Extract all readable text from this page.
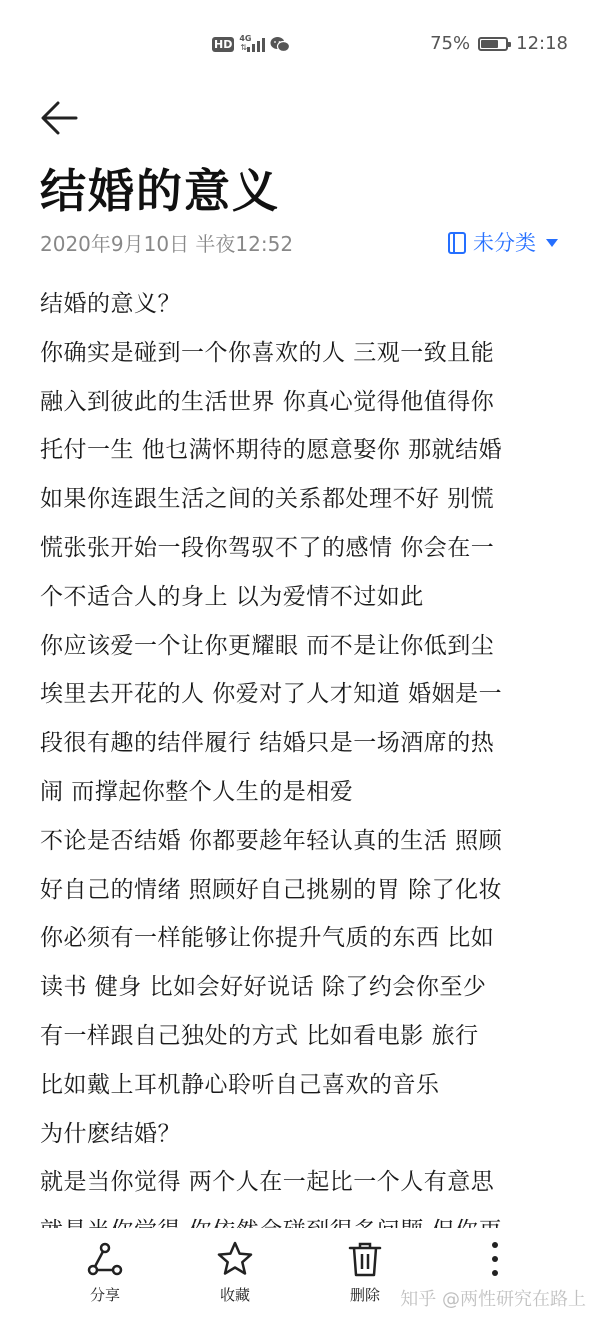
HD 4G
⇅	75%	12:18
结婚的意义
2020年9月10日 半夜12:52	未分类

结婚的意义？

你确实是碰到一个你喜欢的人 三观一致且能

融入到彼此的生活世界 你真心觉得他值得你

托付一生 他乜满怀期待的愿意娶你 那就结婚

如果你连跟生活之间的关系都处理不好 别慌

慌张张开始一段你驾驭不了的感情 你会在一

个不适合人的身上 以为爱情不过如此

你应该爱一个让你更耀眼 而不是让你低到尘

埃里去开花的人 你爱对了人才知道 婚姻是一

段很有趣的结伴履行 结婚只是一场酒席的热

闹 而撑起你整个人生的是相爱

不论是否结婚 你都要趁年轻认真的生活 照顾

好自己的情绪 照顾好自己挑剔的胃 除了化妆

你必须有一样能够让你提升气质的东西 比如

读书 健身 比如会好好说话 除了约会你至少

有一样跟自己独处的方式 比如看电影 旅行

比如戴上耳机静心聆听自己喜欢的音乐

为什麽结婚？

就是当你觉得 两个人在一起比一个人有意思

分享	收藏	删除 知乎 @两性研究在路上
